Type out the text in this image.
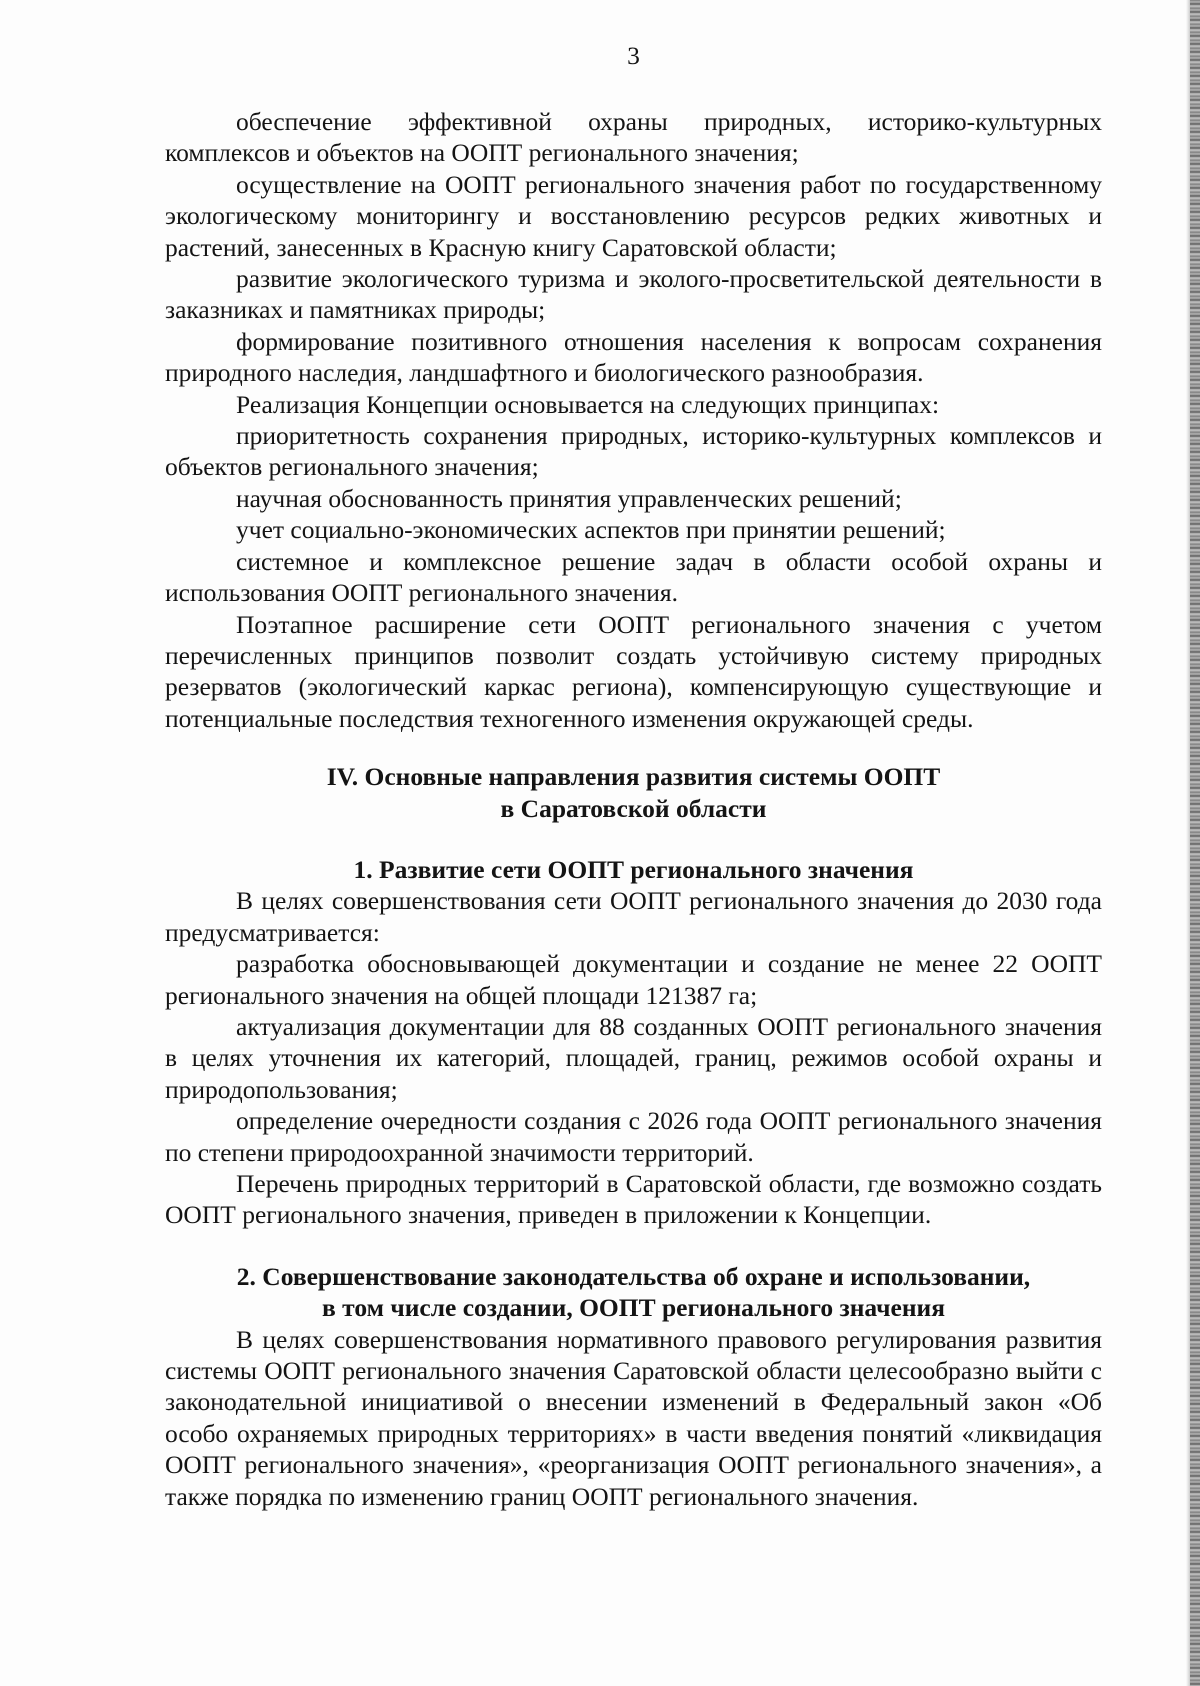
3

обеспечение эффективной охраны природных, историко-культурных комплексов и объектов на ООПТ регионального значения;

осуществление на ООПТ регионального значения работ по государственному экологическому мониторингу и восстановлению ресурсов редких животных и растений, занесенных в Красную книгу Саратовской области;

развитие экологического туризма и эколого-просветительской деятельности в заказниках и памятниках природы;

формирование позитивного отношения населения к вопросам сохранения природного наследия, ландшафтного и биологического разнообразия.

Реализация Концепции основывается на следующих принципах:

приоритетность сохранения природных, историко-культурных комплексов и объектов регионального значения;

научная обоснованность принятия управленческих решений;

учет социально-экономических аспектов при принятии решений;

системное и комплексное решение задач в области особой охраны и использования ООПТ регионального значения.

Поэтапное расширение сети ООПТ регионального значения с учетом перечисленных принципов позволит создать устойчивую систему природных резерватов (экологический каркас региона), компенсирующую существующие и потенциальные последствия техногенного изменения окружающей среды.

IV. Основные направления развития системы ООПТ
в Саратовской области
1. Развитие сети ООПТ регионального значения

В целях совершенствования сети ООПТ регионального значения до 2030 года предусматривается:

разработка обосновывающей документации и создание не менее 22 ООПТ регионального значения на общей площади 121387 га;

актуализация документации для 88 созданных ООПТ регионального значения в целях уточнения их категорий, площадей, границ, режимов особой охраны и природопользования;

определение очередности создания с 2026 года ООПТ регионального значения по степени природоохранной значимости территорий.

Перечень природных территорий в Саратовской области, где возможно создать ООПТ регионального значения, приведен в приложении к Концепции.

2. Совершенствование законодательства об охране и использовании,
в том числе создании, ООПТ регионального значения

В целях совершенствования нормативного правового регулирования развития системы ООПТ регионального значения Саратовской области целесообразно выйти с законодательной инициативой о внесении изменений в Федеральный закон «Об особо охраняемых природных территориях» в части введения понятий «ликвидация ООПТ регионального значения», «реорганизация ООПТ регионального значения», а также порядка по изменению границ ООПТ регионального значения.
